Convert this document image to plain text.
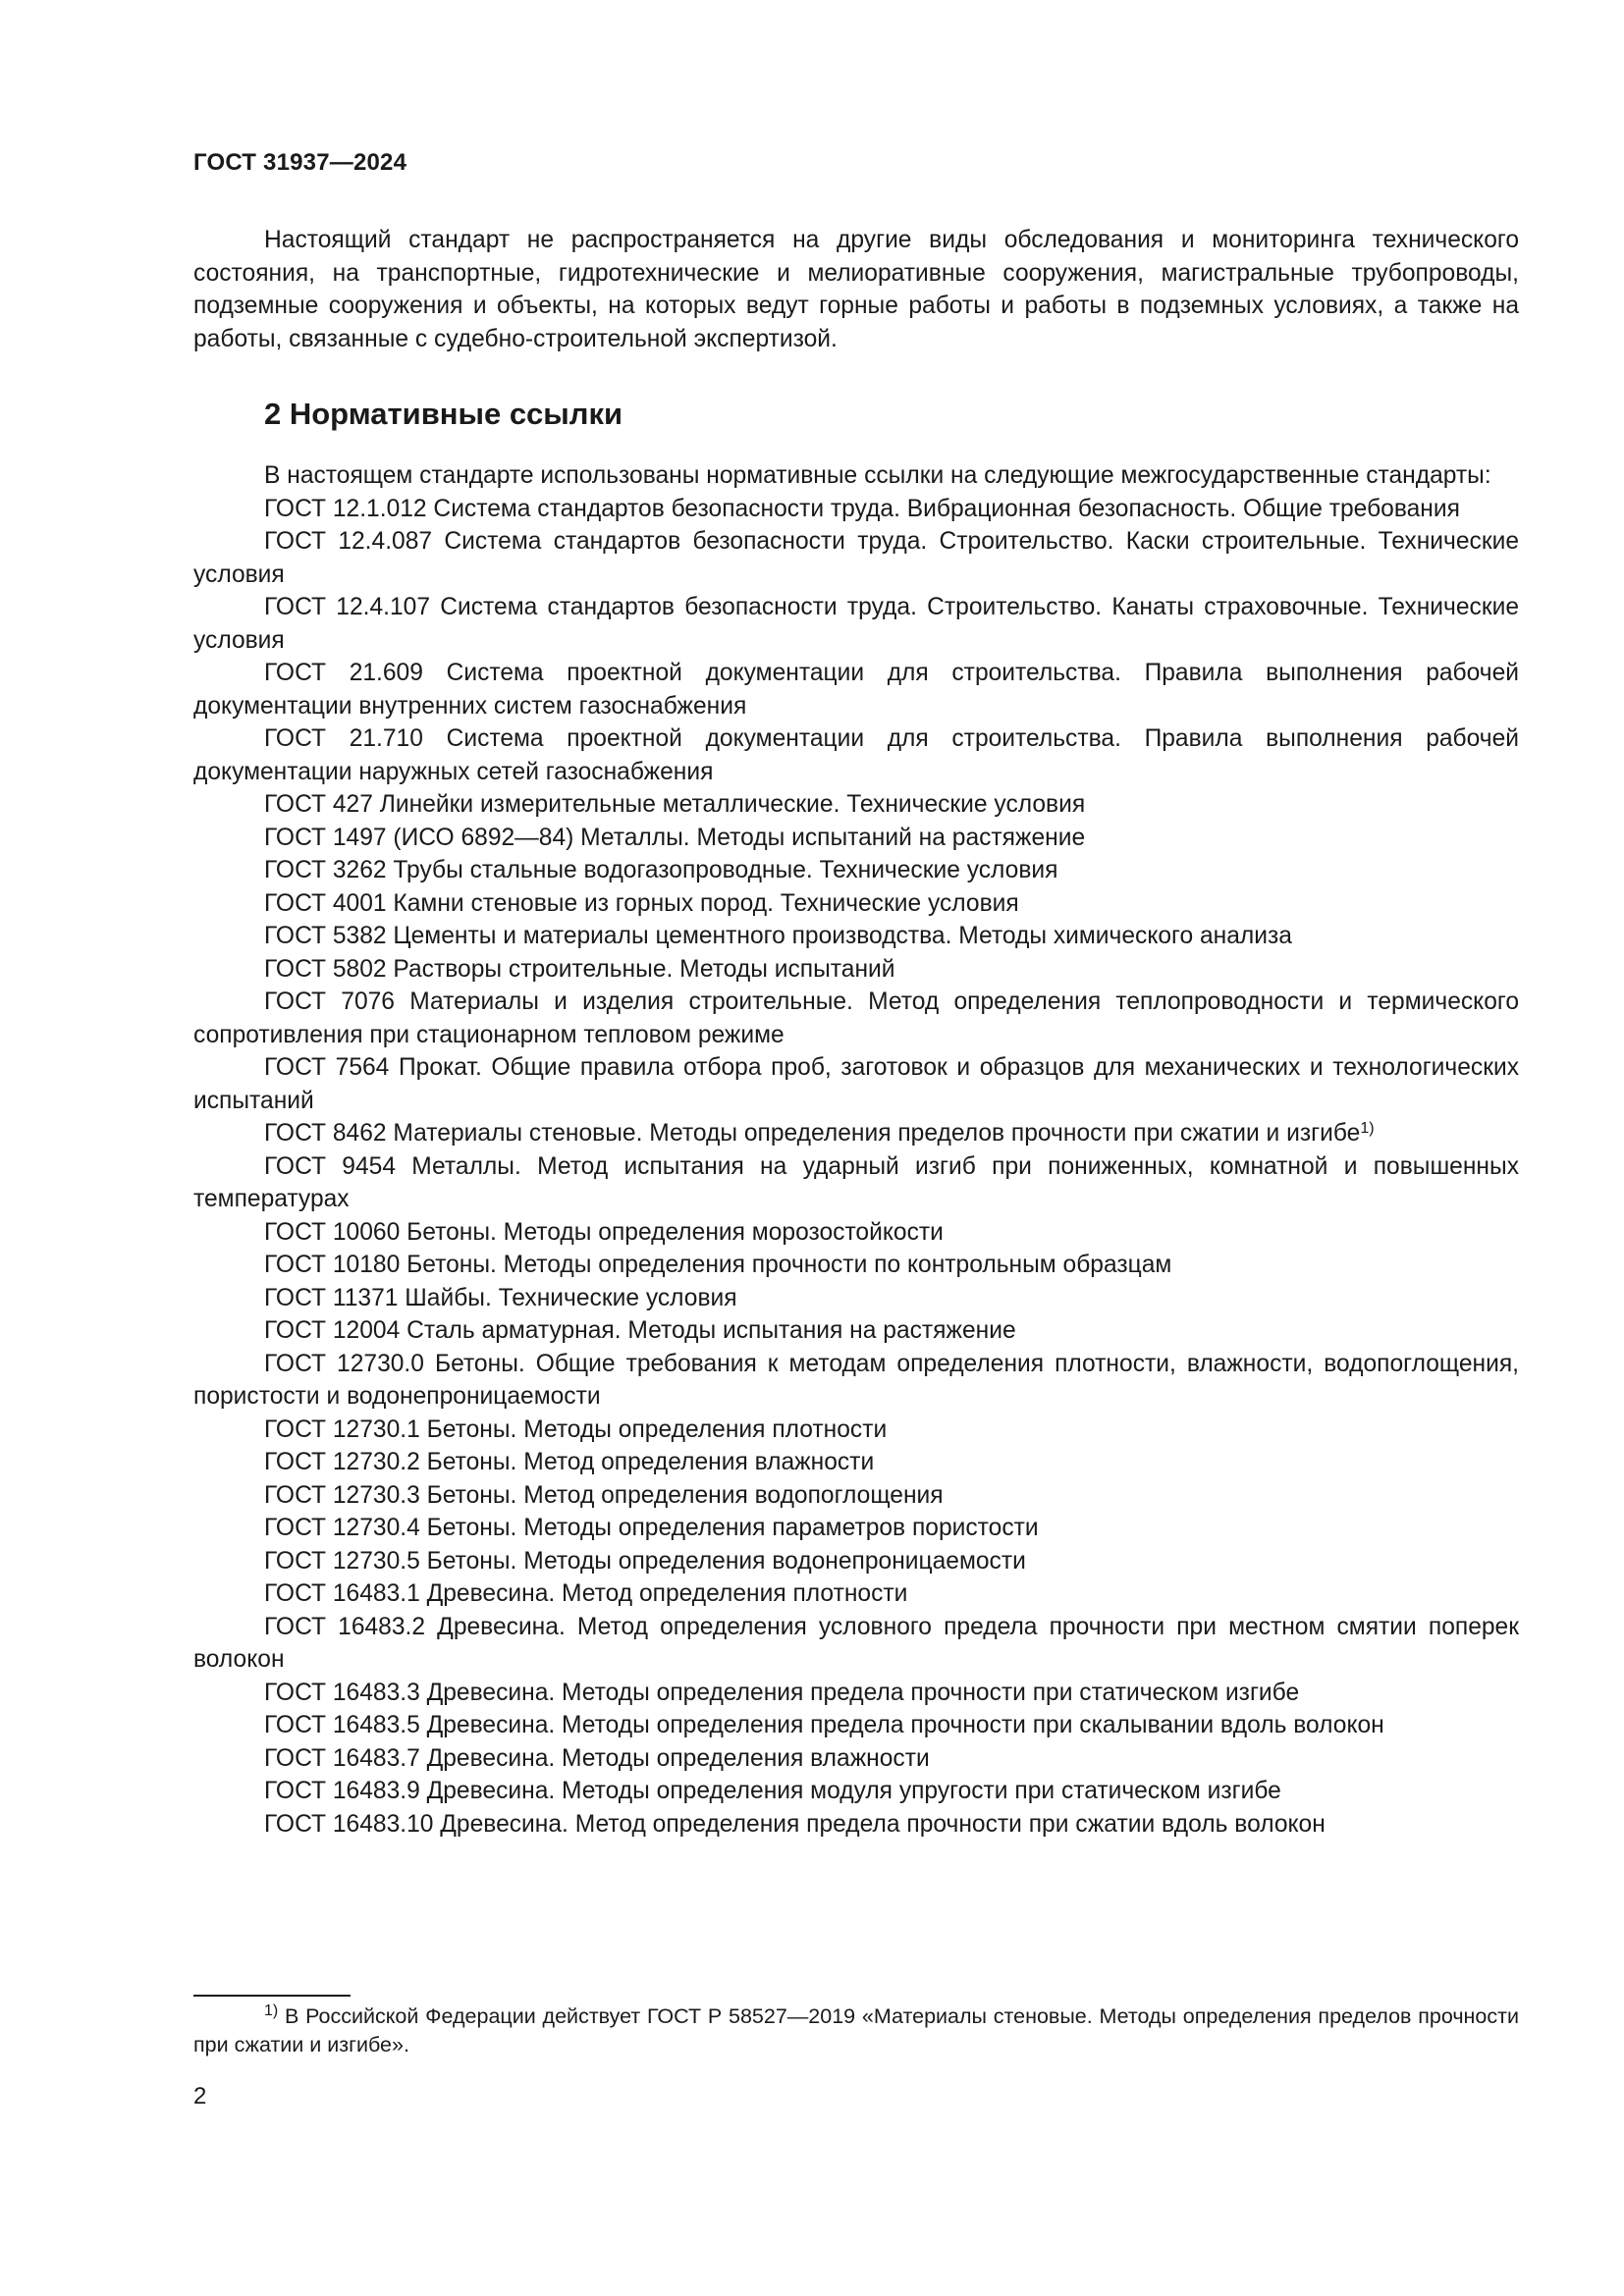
ГОСТ 31937—2024

Настоящий стандарт не распространяется на другие виды обследования и мониторинга технического состояния, на транспортные, гидротехнические и мелиоративные сооружения, магистральные трубопроводы, подземные сооружения и объекты, на которых ведут горные работы и работы в подземных условиях, а также на работы, связанные с судебно-строительной экспертизой.

2 Нормативные ссылки

В настоящем стандарте использованы нормативные ссылки на следующие межгосударственные стандарты:

ГОСТ 12.1.012 Система стандартов безопасности труда. Вибрационная безопасность. Общие требования

ГОСТ 12.4.087 Система стандартов безопасности труда. Строительство. Каски строительные. Технические условия

ГОСТ 12.4.107 Система стандартов безопасности труда. Строительство. Канаты страховочные. Технические условия

ГОСТ 21.609 Система проектной документации для строительства. Правила выполнения рабочей документации внутренних систем газоснабжения

ГОСТ 21.710 Система проектной документации для строительства. Правила выполнения рабочей документации наружных сетей газоснабжения

ГОСТ 427 Линейки измерительные металлические. Технические условия

ГОСТ 1497 (ИСО 6892—84) Металлы. Методы испытаний на растяжение

ГОСТ 3262 Трубы стальные водогазопроводные. Технические условия

ГОСТ 4001 Камни стеновые из горных пород. Технические условия

ГОСТ 5382 Цементы и материалы цементного производства. Методы химического анализа

ГОСТ 5802 Растворы строительные. Методы испытаний

ГОСТ 7076 Материалы и изделия строительные. Метод определения теплопроводности и термического сопротивления при стационарном тепловом режиме

ГОСТ 7564 Прокат. Общие правила отбора проб, заготовок и образцов для механических и технологических испытаний

ГОСТ 8462 Материалы стеновые. Методы определения пределов прочности при сжатии и изгибе$^{1)}$

ГОСТ 9454 Металлы. Метод испытания на ударный изгиб при пониженных, комнатной и повышенных температурах

ГОСТ 10060 Бетоны. Методы определения морозостойкости

ГОСТ 10180 Бетоны. Методы определения прочности по контрольным образцам

ГОСТ 11371 Шайбы. Технические условия

ГОСТ 12004 Сталь арматурная. Методы испытания на растяжение

ГОСТ 12730.0 Бетоны. Общие требования к методам определения плотности, влажности, водопоглощения, пористости и водонепроницаемости

ГОСТ 12730.1 Бетоны. Методы определения плотности

ГОСТ 12730.2 Бетоны. Метод определения влажности

ГОСТ 12730.3 Бетоны. Метод определения водопоглощения

ГОСТ 12730.4 Бетоны. Методы определения параметров пористости

ГОСТ 12730.5 Бетоны. Методы определения водонепроницаемости

ГОСТ 16483.1 Древесина. Метод определения плотности

ГОСТ 16483.2 Древесина. Метод определения условного предела прочности при местном смятии поперек волокон

ГОСТ 16483.3 Древесина. Методы определения предела прочности при статическом изгибе

ГОСТ 16483.5 Древесина. Методы определения предела прочности при скалывании вдоль волокон

ГОСТ 16483.7 Древесина. Методы определения влажности

ГОСТ 16483.9 Древесина. Методы определения модуля упругости при статическом изгибе

ГОСТ 16483.10 Древесина. Метод определения предела прочности при сжатии вдоль волокон

$^{1)}$ В Российской Федерации действует ГОСТ Р 58527—2019 «Материалы стеновые. Методы определения пределов прочности при сжатии и изгибе».

2
